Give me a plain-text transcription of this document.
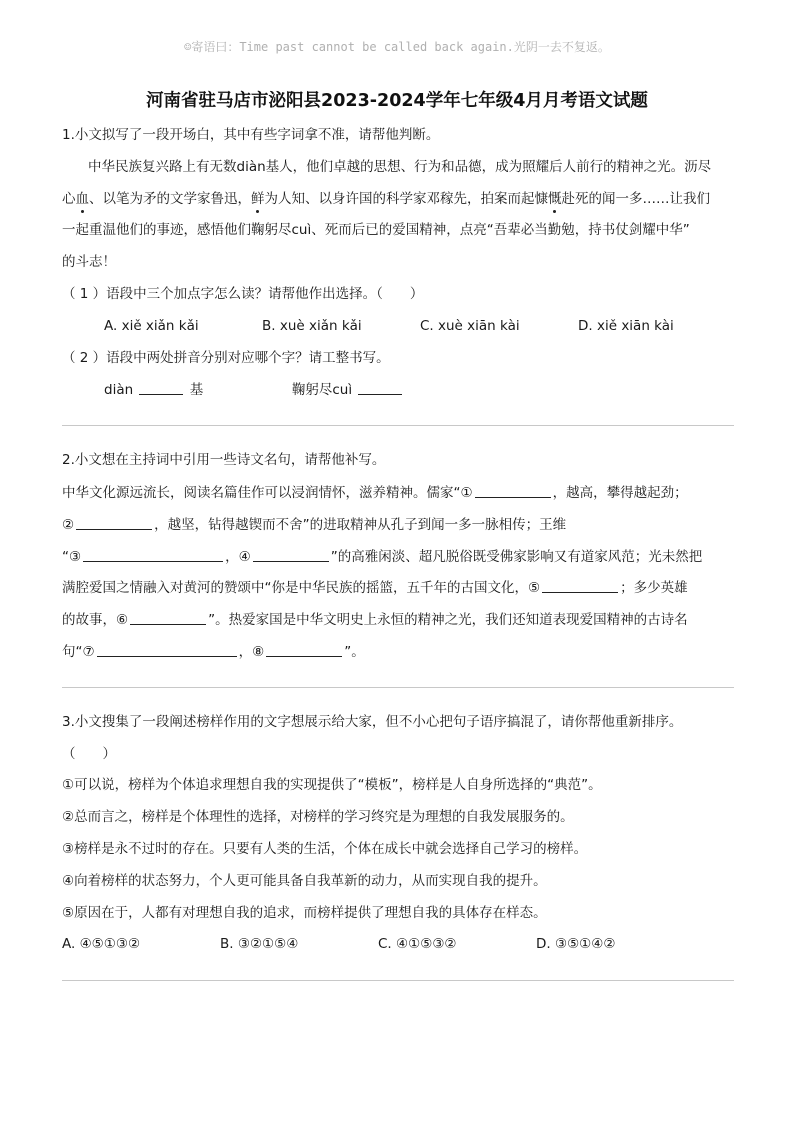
☺寄语曰：Time past cannot be called back again.光阴一去不复返。
河南省驻马店市泌阳县2023-2024学年七年级4月月考语文试题
1.小文拟写了一段开场白，其中有些字词拿不准，请帮他判断。
中华民族复兴路上有无数diàn基人，他们卓越的思想、行为和品德，成为照耀后人前行的精神之光。沥尽
心血、以笔为矛的文学家鲁迅，鲜为人知、以身许国的科学家邓稼先，拍案而起慷慨赴死的闻一多……让我们
一起重温他们的事迹，感悟他们鞠躬尽cuì、死而后已的爱国精神，点亮“吾辈必当勤勉，持书仗剑耀中华”
的斗志！
（ 1 ）语段中三个加点字怎么读？请帮他作出选择。（　　）
A. xiě xiǎn kǎi	B. xuè xiǎn kǎi	C. xuè xiān kài	D. xiě xiān kài
（ 2 ）语段中两处拼音分别对应哪个字？请工整书写。
diàn	基	鞠躬尽cuì
2.小文想在主持词中引用一些诗文名句，请帮他补写。
中华文化源远流长，阅读名篇佳作可以浸润情怀，滋养精神。儒家“①	，越高，攀得越起劲；
②	，越坚，钻得越锲而不舍”的进取精神从孔子到闻一多一脉相传；王维
“③	，④	”的高雅闲淡、超凡脱俗既受佛家影响又有道家风范；光未然把
满腔爱国之情融入对黄河的赞颂中“你是中华民族的摇篮，五千年的古国文化，⑤	；多少英雄
的故事，⑥	”。热爱家国是中华文明史上永恒的精神之光，我们还知道表现爱国精神的古诗名
句“⑦	，⑧	”。
3.小文搜集了一段阐述榜样作用的文字想展示给大家，但不小心把句子语序搞混了，请你帮他重新排序。
（　　）
①可以说，榜样为个体追求理想自我的实现提供了“模板”，榜样是人自身所选择的“典范”。
②总而言之，榜样是个体理性的选择，对榜样的学习终究是为理想的自我发展服务的。
③榜样是永不过时的存在。只要有人类的生活，个体在成长中就会选择自己学习的榜样。
④向着榜样的状态努力，个人更可能具备自我革新的动力，从而实现自我的提升。
⑤原因在于，人都有对理想自我的追求，而榜样提供了理想自我的具体存在样态。
A. ④⑤①③②	B. ③②①⑤④	C. ④①⑤③②	D. ③⑤①④②
